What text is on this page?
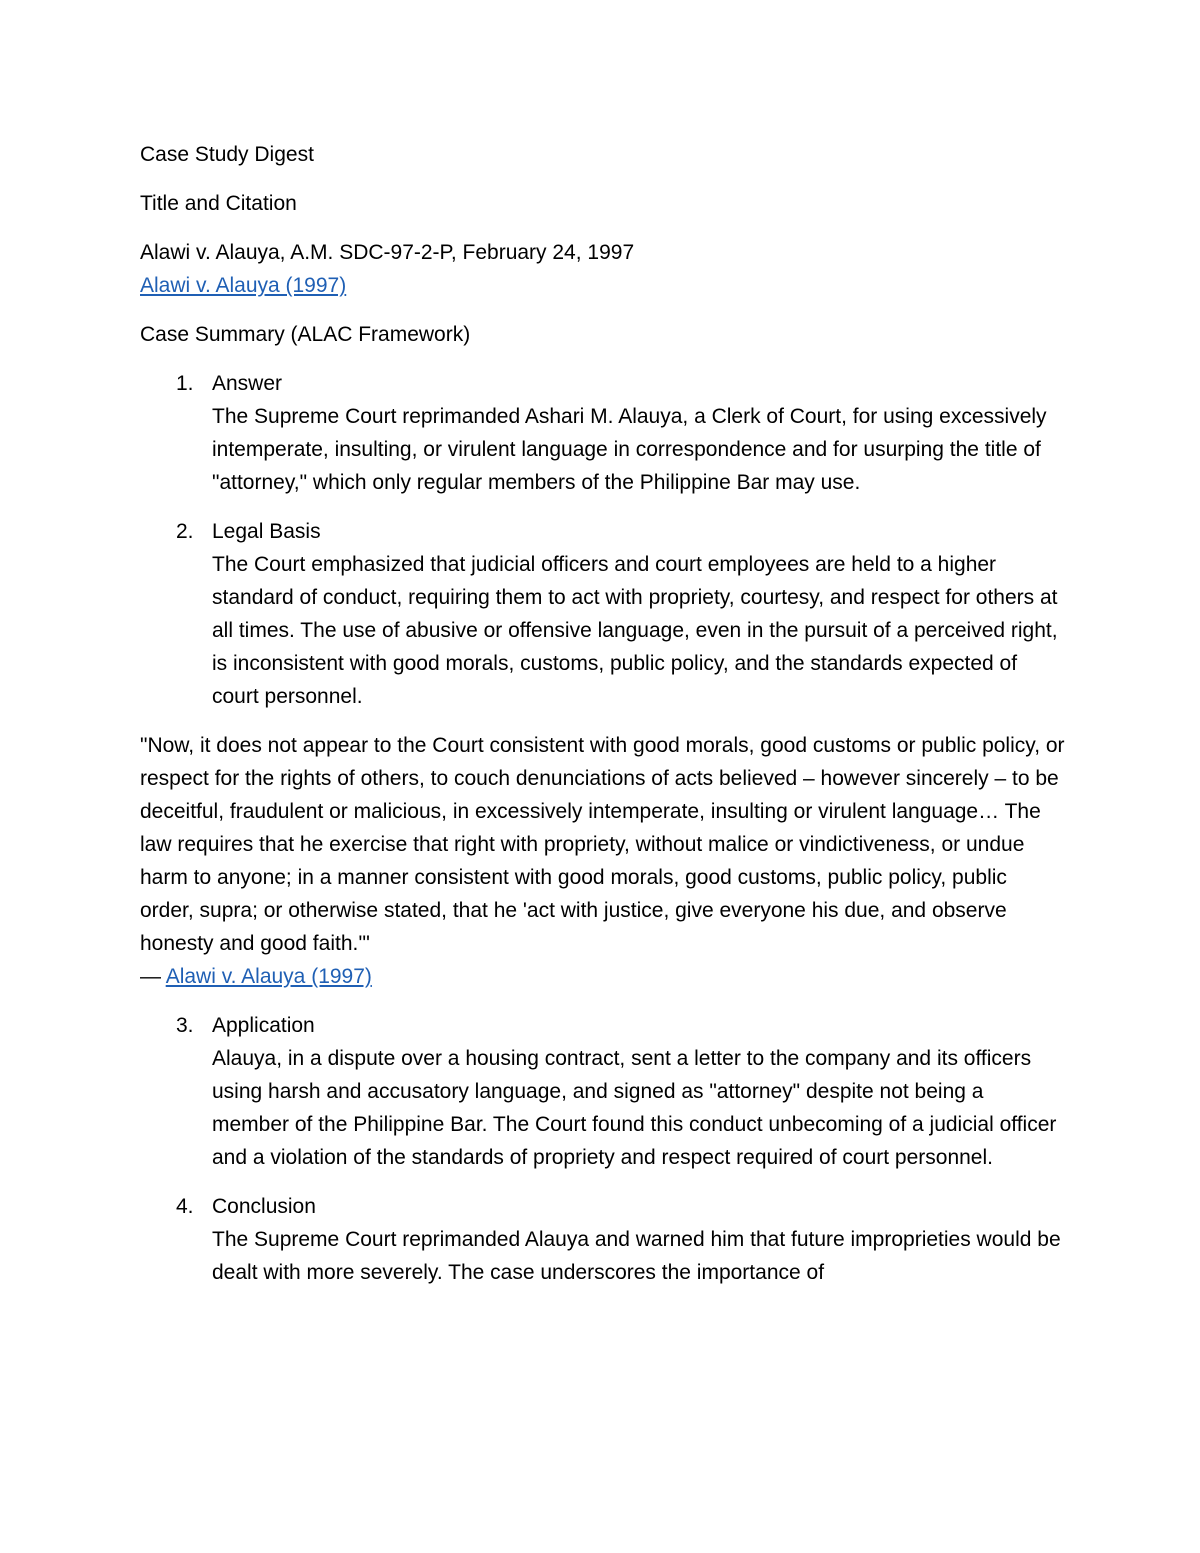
Case Study Digest

Title and Citation

Alawi v. Alauya, A.M. SDC-97-2-P, February 24, 1997

Alawi v. Alauya (1997)

Case Summary (ALAC Framework)

1. Answer

The Supreme Court reprimanded Ashari M. Alauya, a Clerk of Court, for using excessively intemperate, insulting, or virulent language in correspondence and for usurping the title of "attorney," which only regular members of the Philippine Bar may use.

2. Legal Basis

The Court emphasized that judicial officers and court employees are held to a higher standard of conduct, requiring them to act with propriety, courtesy, and respect for others at all times. The use of abusive or offensive language, even in the pursuit of a perceived right, is inconsistent with good morals, customs, public policy, and the standards expected of court personnel.

"Now, it does not appear to the Court consistent with good morals, good customs or public policy, or respect for the rights of others, to couch denunciations of acts believed – however sincerely – to be deceitful, fraudulent or malicious, in excessively intemperate, insulting or virulent language… The law requires that he exercise that right with propriety, without malice or vindictiveness, or undue harm to anyone; in a manner consistent with good morals, good customs, public policy, public order, supra; or otherwise stated, that he 'act with justice, give everyone his due, and observe honesty and good faith.'"

— Alawi v. Alauya (1997)

3. Application

Alauya, in a dispute over a housing contract, sent a letter to the company and its officers using harsh and accusatory language, and signed as "attorney" despite not being a member of the Philippine Bar. The Court found this conduct unbecoming of a judicial officer and a violation of the standards of propriety and respect required of court personnel.

4. Conclusion

The Supreme Court reprimanded Alauya and warned him that future improprieties would be dealt with more severely. The case underscores the importance of
